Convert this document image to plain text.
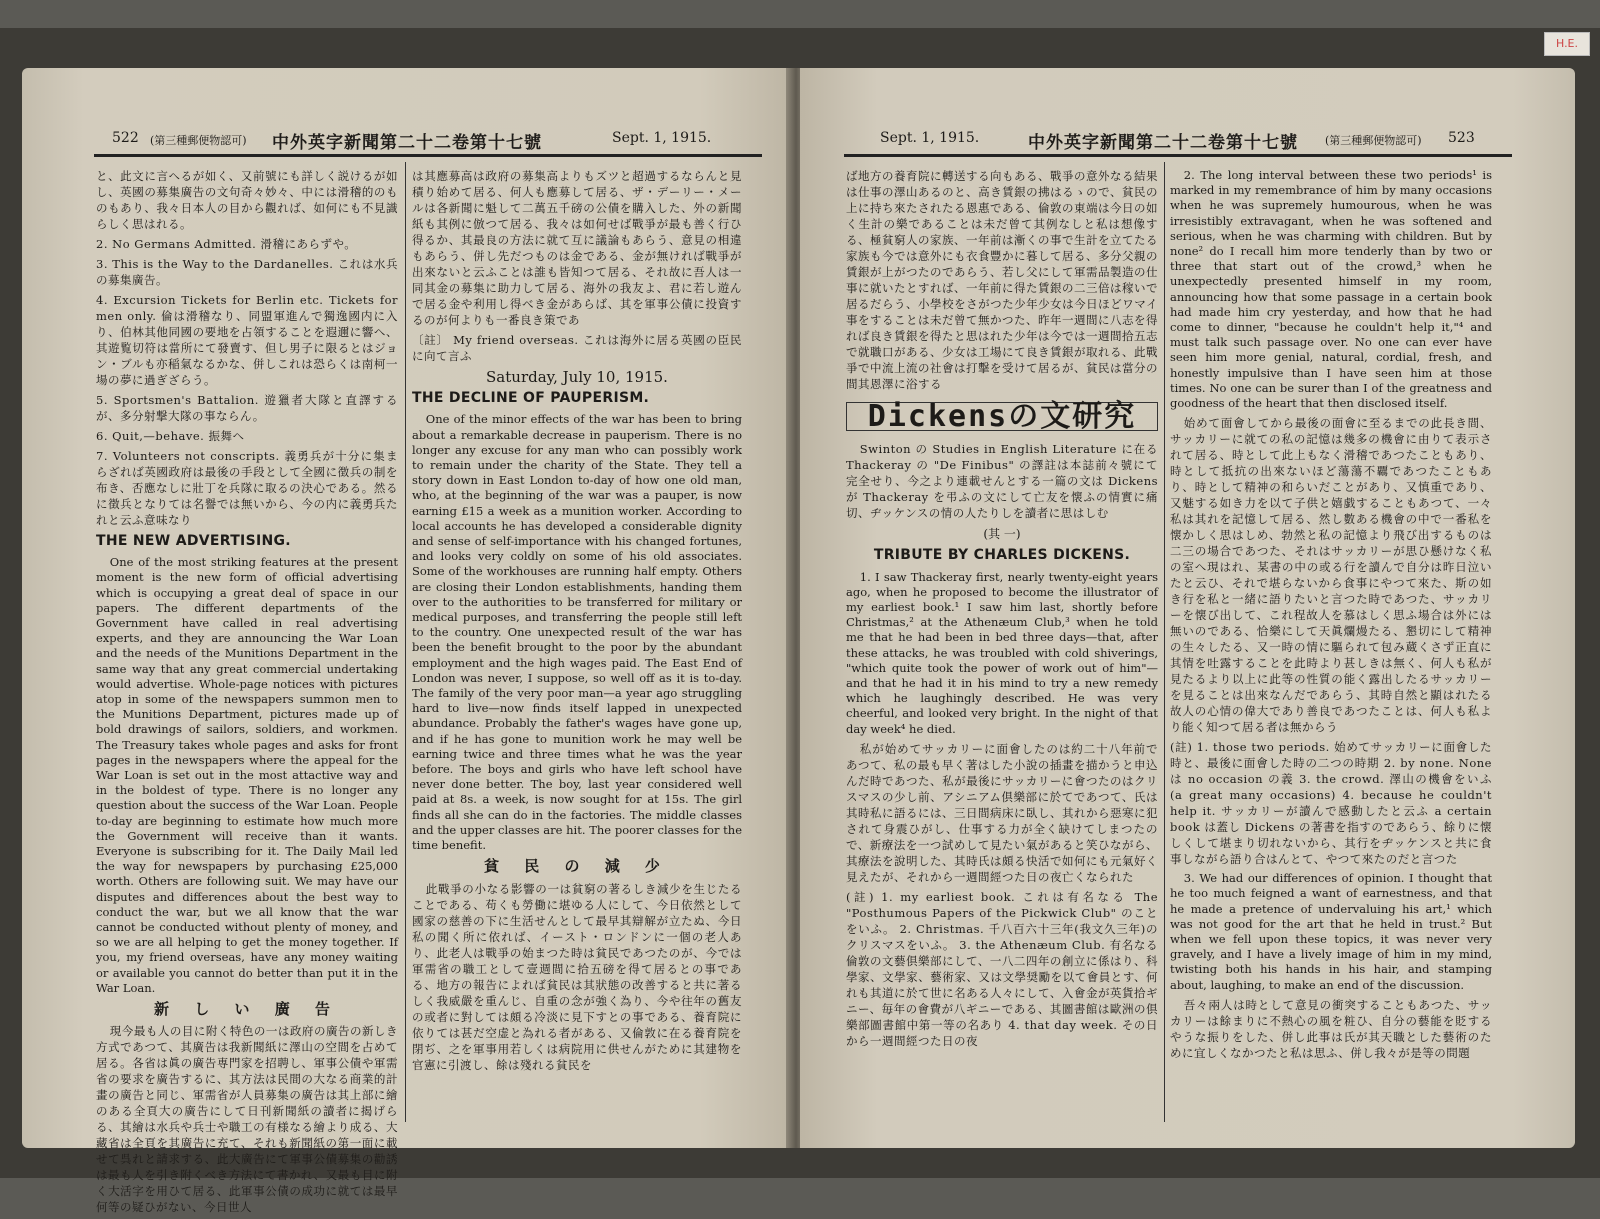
H.E.
522 (第三種郵便物認可) 中外英字新聞第二十二卷第十七號	Sept. 1, 1915.

と、此文に言へるが如く、又前號にも詳しく説けるが如し、英國の募集廣告の文句奇々妙々、中には滑稽的のものもあり、我々日本人の目から觀れば、如何にも不見識らしく思はれる。

2. No Germans Admitted. 滑稽にあらずや。

3. This is the Way to the Dardanelles. これは水兵の募集廣告。

4. Excursion Tickets for Berlin etc. Tickets for men only. 倫は滑稽なり、同盟軍進んで獨逸國内に入り、伯林其他同國の要地を占領することを遐邇に響へ、其遊覧切符は當所にて發賣す、但し男子に限るとはジョン・ブルも亦稲氣なるかな、併しこれは恐らくは南柯一場の夢に過ぎざらう。

5. Sportsmen's Battalion. 遊獵者大隊と直譯するが、多分射撃大隊の事ならん。

6. Quit,—behave. 振舞へ

7. Volunteers not conscripts. 義勇兵が十分に集まらざれば英國政府は最後の手段として全國に徴兵の制を布き、否應なしに壯丁を兵隊に取るの決心である。然るに徴兵となりては名譽では無いから、今の内に義勇兵たれと云ふ意味なり

THE NEW ADVERTISING.

One of the most striking features at the present moment is the new form of official advertising which is occupying a great deal of space in our papers. The different departments of the Government have called in real advertising experts, and they are announcing the War Loan and the needs of the Munitions Department in the same way that any great commercial undertaking would advertise. Whole-page notices with pictures atop in some of the newspapers summon men to the Munitions Department, pictures made up of bold drawings of sailors, soldiers, and workmen. The Treasury takes whole pages and asks for front pages in the newspapers where the appeal for the War Loan is set out in the most attactive way and in the boldest of type. There is no longer any question about the success of the War Loan. People to-day are beginning to estimate how much more the Government will receive than it wants. Everyone is subscribing for it. The Daily Mail led the way for newspapers by purchasing £25,000 worth. Others are following suit. We may have our disputes and differences about the best way to conduct the war, but we all know that the war cannot be conducted without plenty of money, and so we are all helping to get the money together. If you, my friend overseas, have any money waiting or available you cannot do better than put it in the War Loan.

新 し い 廣 告

現今最も人の目に附く特色の一は政府の廣告の新しき方式であつて、其廣告は我新聞紙に澤山の空間を占めて居る。各省は眞の廣告専門家を招聘し、軍事公債や軍需省の要求を廣告するに、其方法は民間の大なる商業的計畫の廣告と同じ、軍需省が人員募集の廣告は其上部に繪のある全頁大の廣告にして日刊新聞紙の讀者に揭げらる、其繪は水兵や兵士や職工の有様なる繪より成る、大藏省は全頁を其廣告に充て、それも新聞紙の第一面に載せて呉れと請求する、此大廣告にて軍事公債募集の勸誘は最も人を引き附くべき方法にて書かれ、又最も目に附く大活字を用ひて居る、此軍事公債の成功に就ては最早何等の疑ひがない、今日世人

は其應募高は政府の募集高よりもズツと超過するならんと見積り始めて居る、何人も應募して居る、ザ・デーリー・メールは各新聞に魁して二萬五千磅の公債を購入した、外の新聞紙も其例に倣つて居る、我々は如何せば戰爭が最も善く行ひ得るか、其最良の方法に就て互に議論もあらう、意見の相違もあらう、併し先だつものは金である、金が無ければ戰爭が出來ないと云ふことは誰も皆知つて居る、それ故に吾人は一同其金の募集に助力して居る、海外の我友よ、君に若し遊んで居る金や利用し得べき金があらば、其を軍事公債に投資するのが何よりも一番良き策であ

〔註〕 My friend overseas. これは海外に居る英國の臣民に向て言ふ

Saturday, July 10, 1915.
THE DECLINE OF PAUPERISM.

One of the minor effects of the war has been to bring about a remarkable decrease in pauperism. There is no longer any excuse for any man who can possibly work to remain under the charity of the State. They tell a story down in East London to-day of how one old man, who, at the beginning of the war was a pauper, is now earning £15 a week as a munition worker. According to local accounts he has developed a considerable dignity and sense of self-importance with his changed fortunes, and looks very coldly on some of his old associates. Some of the workhouses are running half empty. Others are closing their London establishments, handing them over to the authorities to be transferred for military or medical purposes, and transferring the people still left to the country. One unexpected result of the war has been the benefit brought to the poor by the abundant employment and the high wages paid. The East End of London was never, I suppose, so well off as it is to-day. The family of the very poor man—a year ago struggling hard to live—now finds itself lapped in unexpected abundance. Probably the father's wages have gone up, and if he has gone to munition work he may well be earning twice and three times what he was the year before. The boys and girls who have left school have never done better. The boy, last year considered well paid at 8s. a week, is now sought for at 15s. The girl finds all she can do in the factories. The middle classes and the upper classes are hit. The poorer classes for the time benefit.

貧 民 の 減 少

此戰爭の小なる影響の一は貧窮の著るしき減少を生じたることである、苟くも勞働に堪ゆる人にして、今日依然として國家の慈善の下に生活せんとして最早其辯解が立たぬ、今日私の聞く所に依れば、イースト・ロンドンに一個の老人あり、此老人は戰爭の始まつた時は貧民であつたのが、今では軍需省の職工として壹週間に拾五磅を得て居るとの事である、地方の報告によれば貧民は其狀態の改善すると共に著るしく我威嚴を重んじ、自重の念が強く為り、今や往年の舊友の或者に對しては頗る冷淡に見下すとの事である、養育院に依りては甚だ空虚と為れる者がある、又倫敦に在る養育院を閉ぢ、之を軍事用若しくは病院用に供せんがために其建物を官憲に引渡し、餘は殘れる貧民を

Sept. 1, 1915.	中外英字新聞第二十二卷第十七號 (第三種郵便物認可) 523

ば地方の養育院に轉送する向もある、戰爭の意外なる結果は仕事の澤山あるのと、高き賃銀の拂はるゝので、貧民の上に持ち來たされたる恩惠である、倫敦の東端は今日の如く生計の樂であることは未だ曾て其例なしと私は想像する、極貧窮人の家族、一年前は漸くの事で生計を立てたる家族も今では意外にも衣食豐かに暮して居る、多分父親の賃銀が上がつたのであらう、若し父にして軍需品製造の仕事に就いたとすれば、一年前に得た賃銀の二三倍は稼いで居るだらう、小學校をさがつた少年少女は今日ほどワマイ事をすることは未だ曾て無かつた、昨年一週間に八志を得れば良き賃銀を得たと思はれた少年は今では一週間拾五志で就職口がある、少女は工場にて良き賃銀が取れる、此戰爭で中流上流の社會は打擊を受けて居るが、貧民は當分の間其恩澤に浴する

Dickensの文研究

Swinton の Studies in English Literature に在る Thackeray の "De Finibus" の譯註は本誌前々號にて完全せり、今之より連載せんとする一篇の文は Dickens が Thackeray を弔ふの文にして亡友を懐ふの情實に痛切、ヂッケンスの情の人たりしを讀者に思はしむ

(其 一)
TRIBUTE BY CHARLES DICKENS.

1. I saw Thackeray first, nearly twenty-eight years ago, when he proposed to become the illustrator of my earliest book.¹ I saw him last, shortly before Christmas,² at the Athenæum Club,³ when he told me that he had been in bed three days—that, after these attacks, he was troubled with cold shiverings, "which quite took the power of work out of him"—and that he had it in his mind to try a new remedy which he laughingly described. He was very cheerful, and looked very bright. In the night of that day week⁴ he died.

私が始めてサッカリーに面會したのは約二十八年前であつて、私の最も早く著はした小說の插畫を描かうと申込んだ時であつた、私が最後にサッカリーに會つたのはクリスマスの少し前、アシニアム倶樂部に於てであつて、氏は其時私に語るには、三日間病床に臥し、其れから惡寒に犯されて身震ひがし、仕事する力が全く缺けてしまつたので、新療法を一つ試めして見たい氣があると笑ひながら、其療法を說明した、其時氏は頗る快活で如何にも元氣好く見えたが、それから一週間經つた日の夜亡くなられた

(註) 1. my earliest book. これは有名なる The "Posthumous Papers of the Pickwick Club" のことをいふ。 2. Christmas. 千八百六十三年(我文久三年)のクリスマスをいふ。 3. the Athenæum Club. 有名なる倫敦の文藝倶樂部にして、一八二四年の創立に係はり、科學家、文學家、藝術家、又は文學奨勵を以て會員とす、何れも其道に於て世に名ある人々にして、入會金が英貨拾ギニー、毎年の會費が八ギニーである、其圖書館は歐洲の倶樂部圖書館中第一等の名あり 4. that day week. その日から一週間經つた日の夜

2. The long interval between these two periods¹ is marked in my remembrance of him by many occasions when he was supremely humourous, when he was irresistibly extravagant, when he was softened and serious, when he was charming with children. But by none² do I recall him more tenderly than by two or three that start out of the crowd,³ when he unexpectedly presented himself in my room, announcing how that some passage in a certain book had made him cry yesterday, and how that he had come to dinner, "because he couldn't help it,"⁴ and must talk such passage over. No one can ever have seen him more genial, natural, cordial, fresh, and honestly impulsive than I have seen him at those times. No one can be surer than I of the greatness and goodness of the heart that then disclosed itself.

始めて面會してから最後の面會に至るまでの此長き間、サッカリーに就ての私の記憶は幾多の機會に由りて表示されて居る、時として此上もなく滑稽であつたこともあり、時として抵抗の出來ないほど蕩蕩不覊であつたこともあり、時として精神の和らいだことがあり、又慎重であり、又魅する如き力を以て子供と嬉戯することもあつて、一々私は其れを記憶して居る、然し數ある機會の中で一番私を懐かしく思はしめ、勃然と私の記憶より飛び出するものは二三の場合であつた、それはサッカリーが思ひ懸けなく私の室へ現はれ、某書の中の或る行を讀んで自分は昨日泣いたと云ひ、それで堪らないから食事にやつて來た、斯の如き行を私と一緒に語りたいと言つた時であつた、サッカリーを懐び出して、これ程故人を慕はしく思ふ場合は外には無いのである、恰樂にして天眞爛熳たる、懇切にして精神の生々したる、又一時の情に驅られて包み蔵くさず正直に其情を吐露することを此時より甚しきは無く、何人も私が見たるより以上に此等の性質の能く露出したるサッカリーを見ることは出來なんだであらう、其時自然と顯はれたる故人の心情の偉大であり善良であつたことは、何人も私より能く知つて居る者は無からう

(註) 1. those two periods. 始めてサッカリーに面會した時と、最後に面會した時の二つの時期 2. by none. None は no occasion の義 3. the crowd. 澤山の機會をいふ (a great many occasions) 4. because he couldn't help it. サッカリーが讀んで感動したと云ふ a certain book は蓋し Dickens の著書を指すのであらう、餘りに懐しくして堪まり切れないから、其行をヂッケンスと共に食事しながら語り合はんとて、やつて來たのだと言つた

3. We had our differences of opinion. I thought that he too much feigned a want of earnestness, and that he made a pretence of undervaluing his art,¹ which was not good for the art that he held in trust.² But when we fell upon these topics, it was never very gravely, and I have a lively image of him in my mind, twisting both his hands in his hair, and stamping about, laughing, to make an end of the discussion.

吾々兩人は時として意見の衝突することもあつた、サッカリーは餘まりに不熱心の風を粧ひ、自分の藝能を貶するやうな振りをした、併し此事は氏が其天職とした藝術のために宜しくなかつたと私は思ふ、併し我々が是等の問題
